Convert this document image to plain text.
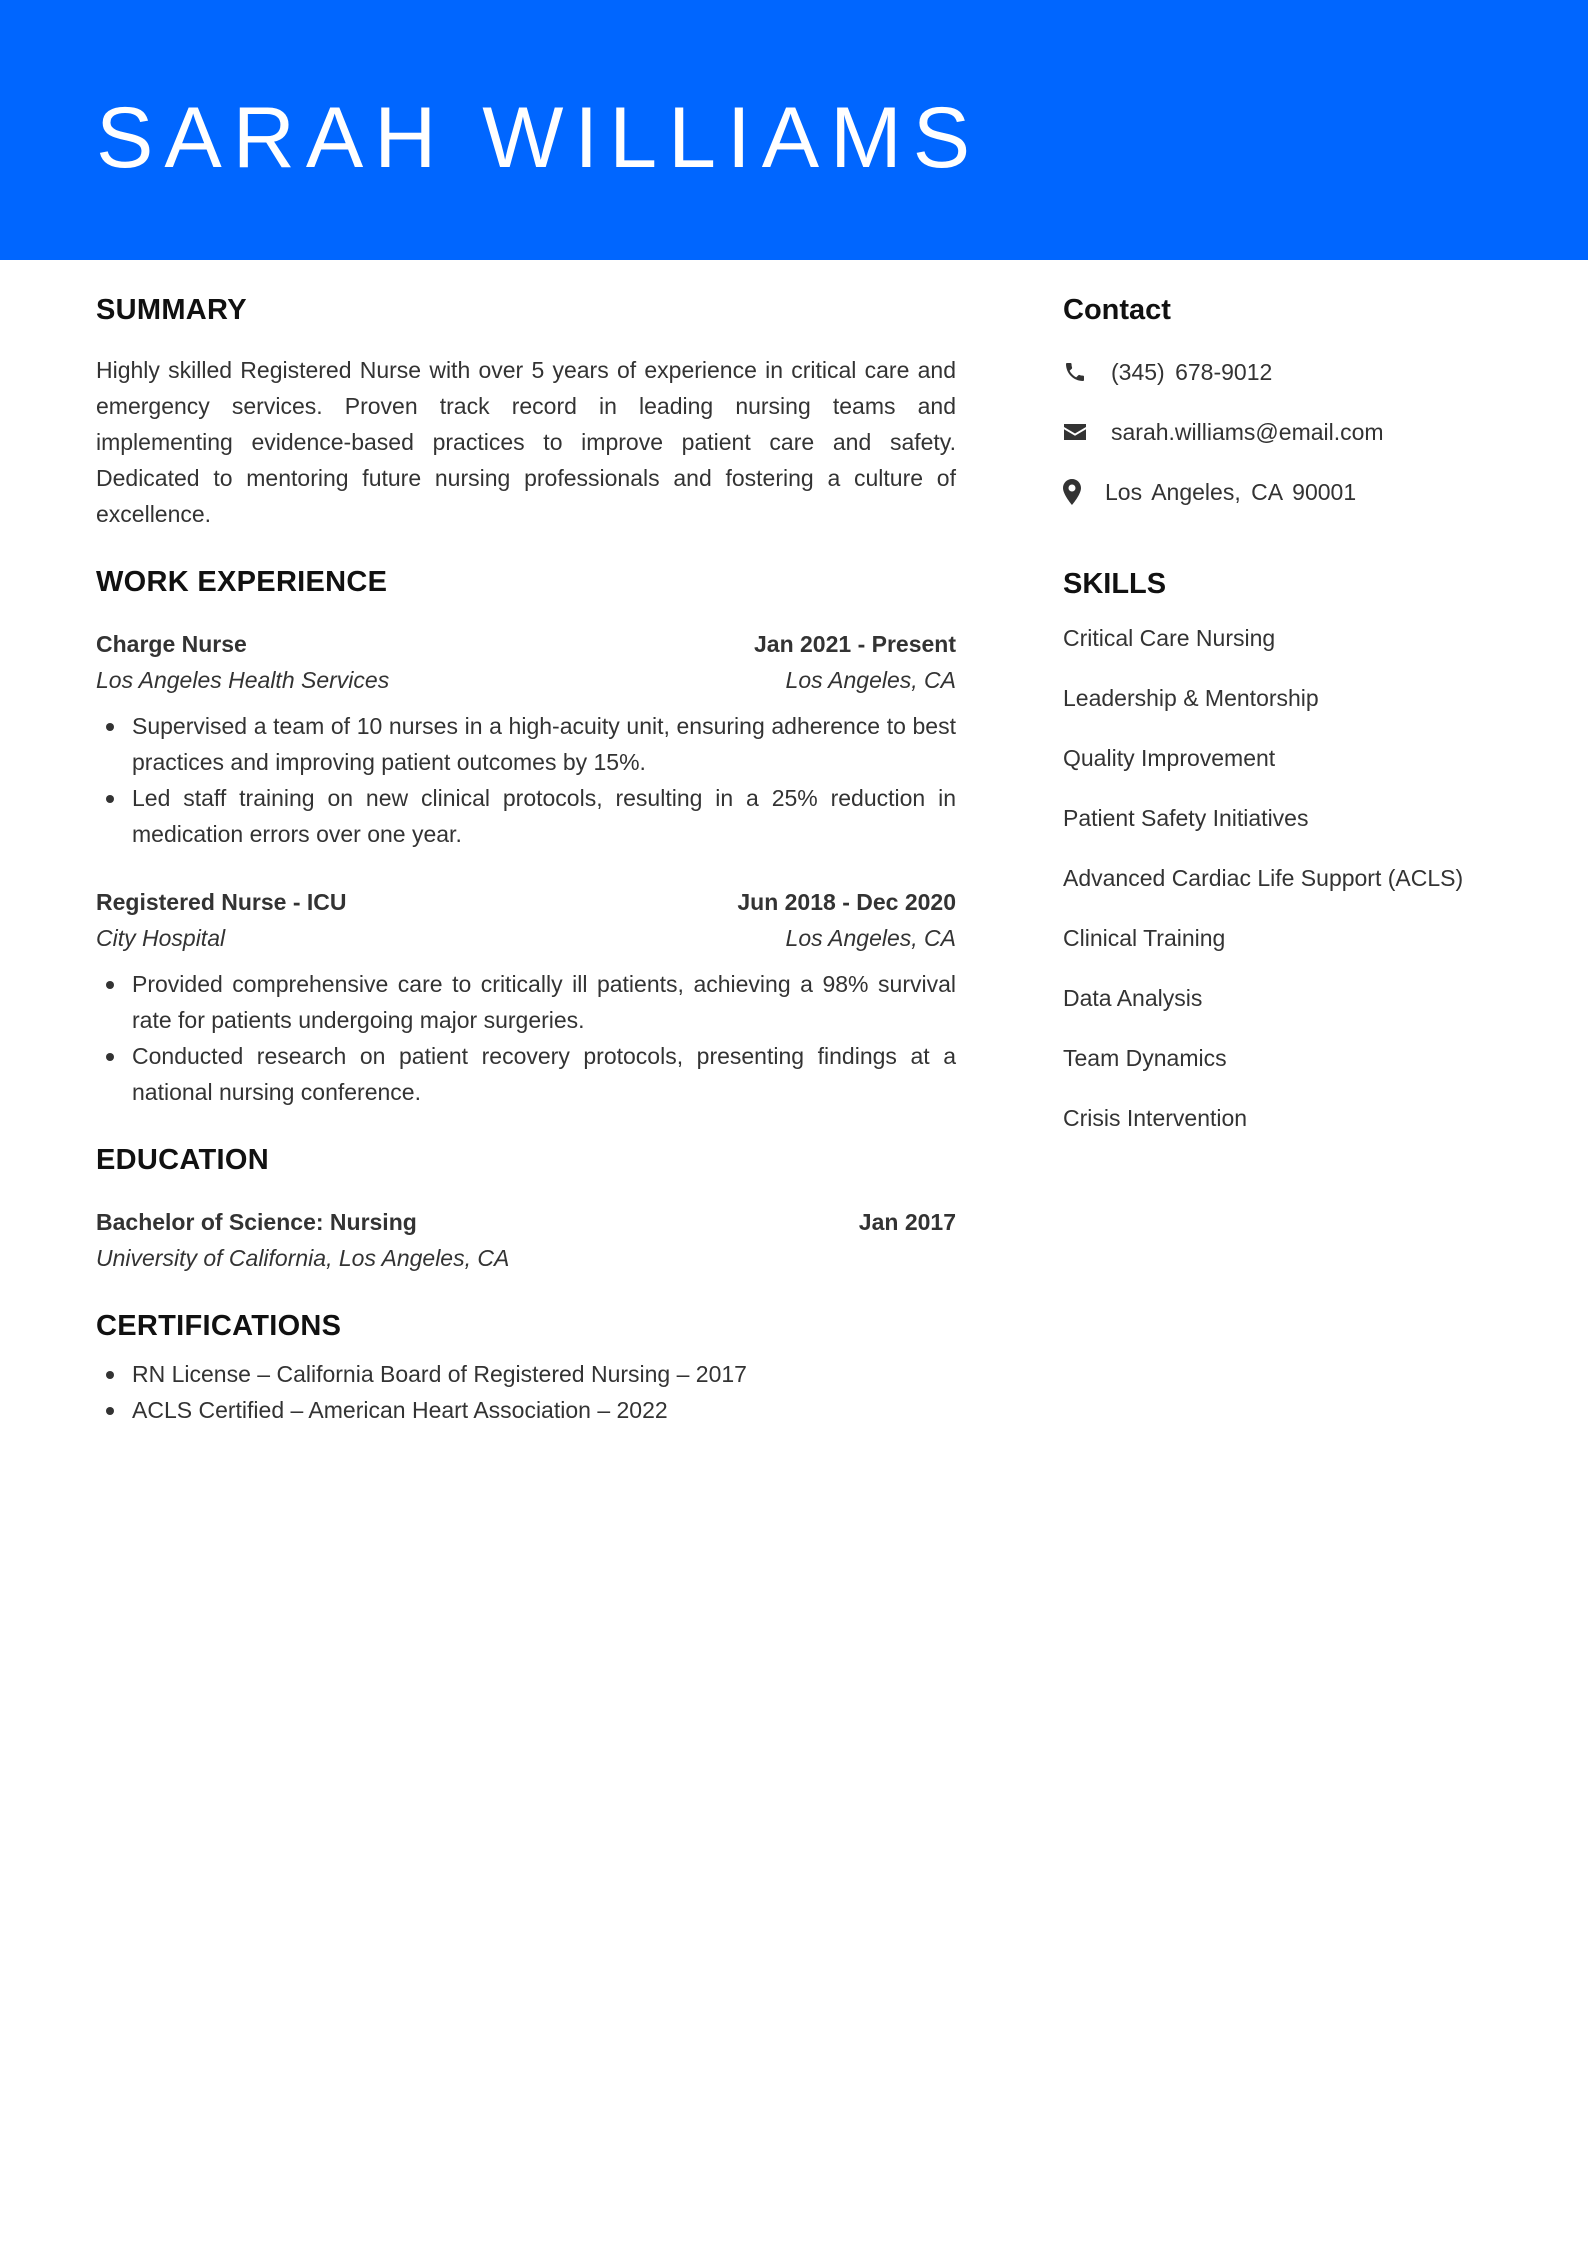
SARAH WILLIAMS
SUMMARY

Highly skilled Registered Nurse with over 5 years of experience in critical care and emergency services. Proven track record in leading nursing teams and implementing evidence-based practices to improve patient care and safety. Dedicated to mentoring future nursing professionals and fostering a culture of excellence.

WORK EXPERIENCE
Charge Nurse	Jan 2021 - Present
Los Angeles Health Services	Los Angeles, CA
Supervised a team of 10 nurses in a high-acuity unit, ensuring adherence to best practices and improving patient outcomes by 15%.
Led staff training on new clinical protocols, resulting in a 25% reduction in medication errors over one year.
Registered Nurse - ICU	Jun 2018 - Dec 2020
City Hospital	Los Angeles, CA
Provided comprehensive care to critically ill patients, achieving a 98% survival rate for patients undergoing major surgeries.
Conducted research on patient recovery protocols, presenting findings at a national nursing conference.
EDUCATION
Bachelor of Science: Nursing	Jan 2017
University of California, Los Angeles, CA
CERTIFICATIONS
RN License – California Board of Registered Nursing – 2017
ACLS Certified – American Heart Association – 2022
Contact
(345) 678-9012
sarah.williams@email.com
Los Angeles, CA 90001
SKILLS
Critical Care Nursing
Leadership & Mentorship
Quality Improvement
Patient Safety Initiatives
Advanced Cardiac Life Support (ACLS)
Clinical Training
Data Analysis
Team Dynamics
Crisis Intervention
